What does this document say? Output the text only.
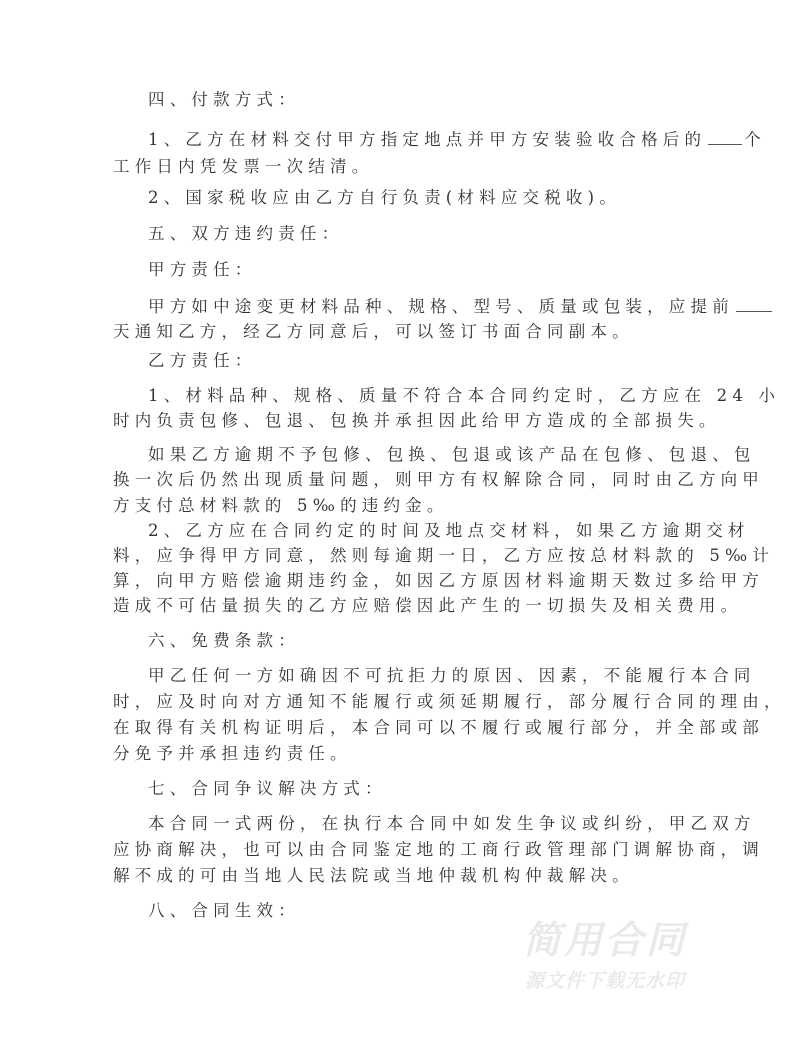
四、付款方式：
1、乙方在材料交付甲方指定地点并甲方安装验收合格后的 个
工作日内凭发票一次结清。
2、国家税收应由乙方自行负责(材料应交税收)。
五、双方违约责任：
甲方责任：
甲方如中途变更材料品种、规格、型号、质量或包装，应提前
天通知乙方，经乙方同意后，可以签订书面合同副本。
乙方责任：
1、材料品种、规格、质量不符合本合同约定时，乙方应在 24 小
时内负责包修、包退、包换并承担因此给甲方造成的全部损失。
如果乙方逾期不予包修、包换、包退或该产品在包修、包退、包
换一次后仍然出现质量问题，则甲方有权解除合同，同时由乙方向甲
方支付总材料款的 5‰的违约金。
2、乙方应在合同约定的时间及地点交材料，如果乙方逾期交材
料，应争得甲方同意，然则每逾期一日，乙方应按总材料款的 5‰计
算，向甲方赔偿逾期违约金，如因乙方原因材料逾期天数过多给甲方
造成不可估量损失的乙方应赔偿因此产生的一切损失及相关费用。
六、免费条款：
甲乙任何一方如确因不可抗拒力的原因、因素，不能履行本合同
时，应及时向对方通知不能履行或须延期履行，部分履行合同的理由，
在取得有关机构证明后，本合同可以不履行或履行部分，并全部或部
分免予并承担违约责任。
七、合同争议解决方式：
本合同一式两份，在执行本合同中如发生争议或纠纷，甲乙双方
应协商解决，也可以由合同鉴定地的工商行政管理部门调解协商，调
解不成的可由当地人民法院或当地仲裁机构仲裁解决。
八、合同生效：
简用合同
源文件下载无水印
